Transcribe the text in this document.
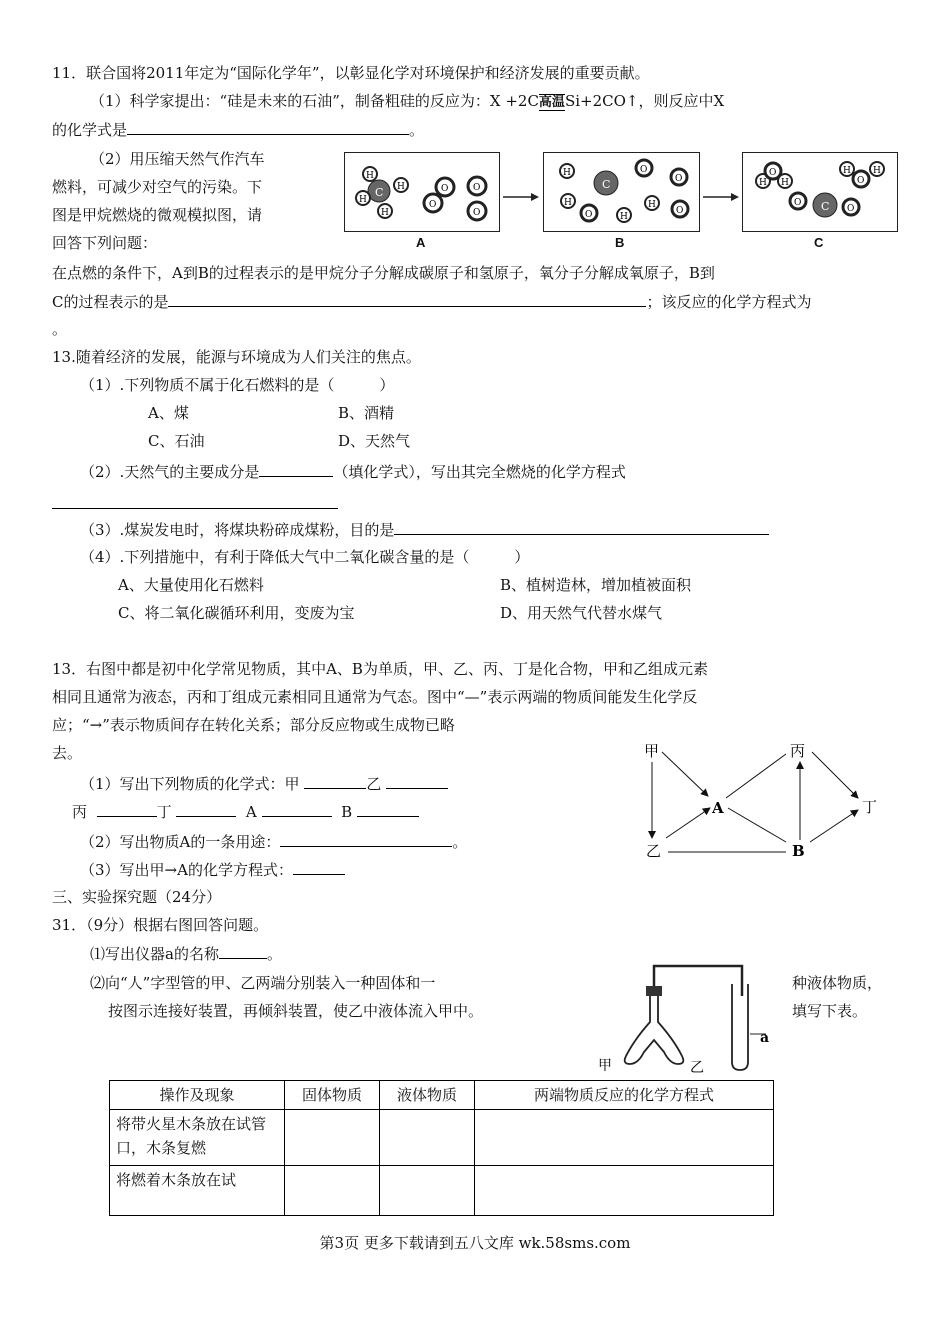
11．联合国将2011年定为“国际化学年”，以彰显化学对环境保护和经济发展的重要贡献。
（1）科学家提出：“硅是未来的石油”，制备粗硅的反应为：X +2C高温Si+2CO↑，则反应中X
的化学式是	。
（2）用压缩天然气作汽车
燃料，可减少对空气的污染。下
图是甲烷燃烧的微观模拟图，请
回答下列问题：
C
H
H
H
H
O
O	O
O
C
H
H
H
H
O
O
O
O
H
O
H
O C O
H
O
H
A	B	C
在点燃的条件下，A到B的过程表示的是甲烷分子分解成碳原子和氢原子，氧分子分解成氧原子，B到
C的过程表示的是	；该反应的化学方程式为
。
13.随着经济的发展，能源与环境成为人们关注的焦点。
（1）.下列物质不属于化石燃料的是（　　　）
A、煤	B、酒精
C、石油	D、天然气
（2）.天然气的主要成分是	（填化学式），写出其完全燃烧的化学方程式
（3）.煤炭发电时，将煤块粉碎成煤粉，目的是
（4）.下列措施中，有利于降低大气中二氧化碳含量的是（　　　）
A、大量使用化石燃料	B、植树造林，增加植被面积
C、将二氧化碳循环利用，变废为宝	D、用天然气代替水煤气
13．右图中都是初中化学常见物质，其中A、B为单质，甲、乙、丙、丁是化合物，甲和乙组成元素
相同且通常为液态，丙和丁组成元素相同且通常为气态。图中“—”表示两端的物质间能发生化学反
应；“→”表示物质间存在转化关系；部分反应物或生成物已略
去。
（1）写出下列物质的化学式：甲	乙
丙	丁	A	B
（2）写出物质A的一条用途：	。
（3）写出甲→A的化学方程式：
甲	丙
A	丁
乙	B
三、实验探究题（24分）
31．（9分）根据右图回答问题。
⑴写出仪器a的名称	。
⑵向“人”字型管的甲、乙两端分别装入一种固体和一	种液体物质，
按图示连接好装置，再倾斜装置，使乙中液体流入甲中。	填写下表。
a
甲	乙
操作及现象	固体物质	液体物质	两端物质反应的化学方程式
将带火星木条放在试管口，木条复燃			
将燃着木条放在试			
第3页 更多下载请到五八文库 wk.58sms.com
